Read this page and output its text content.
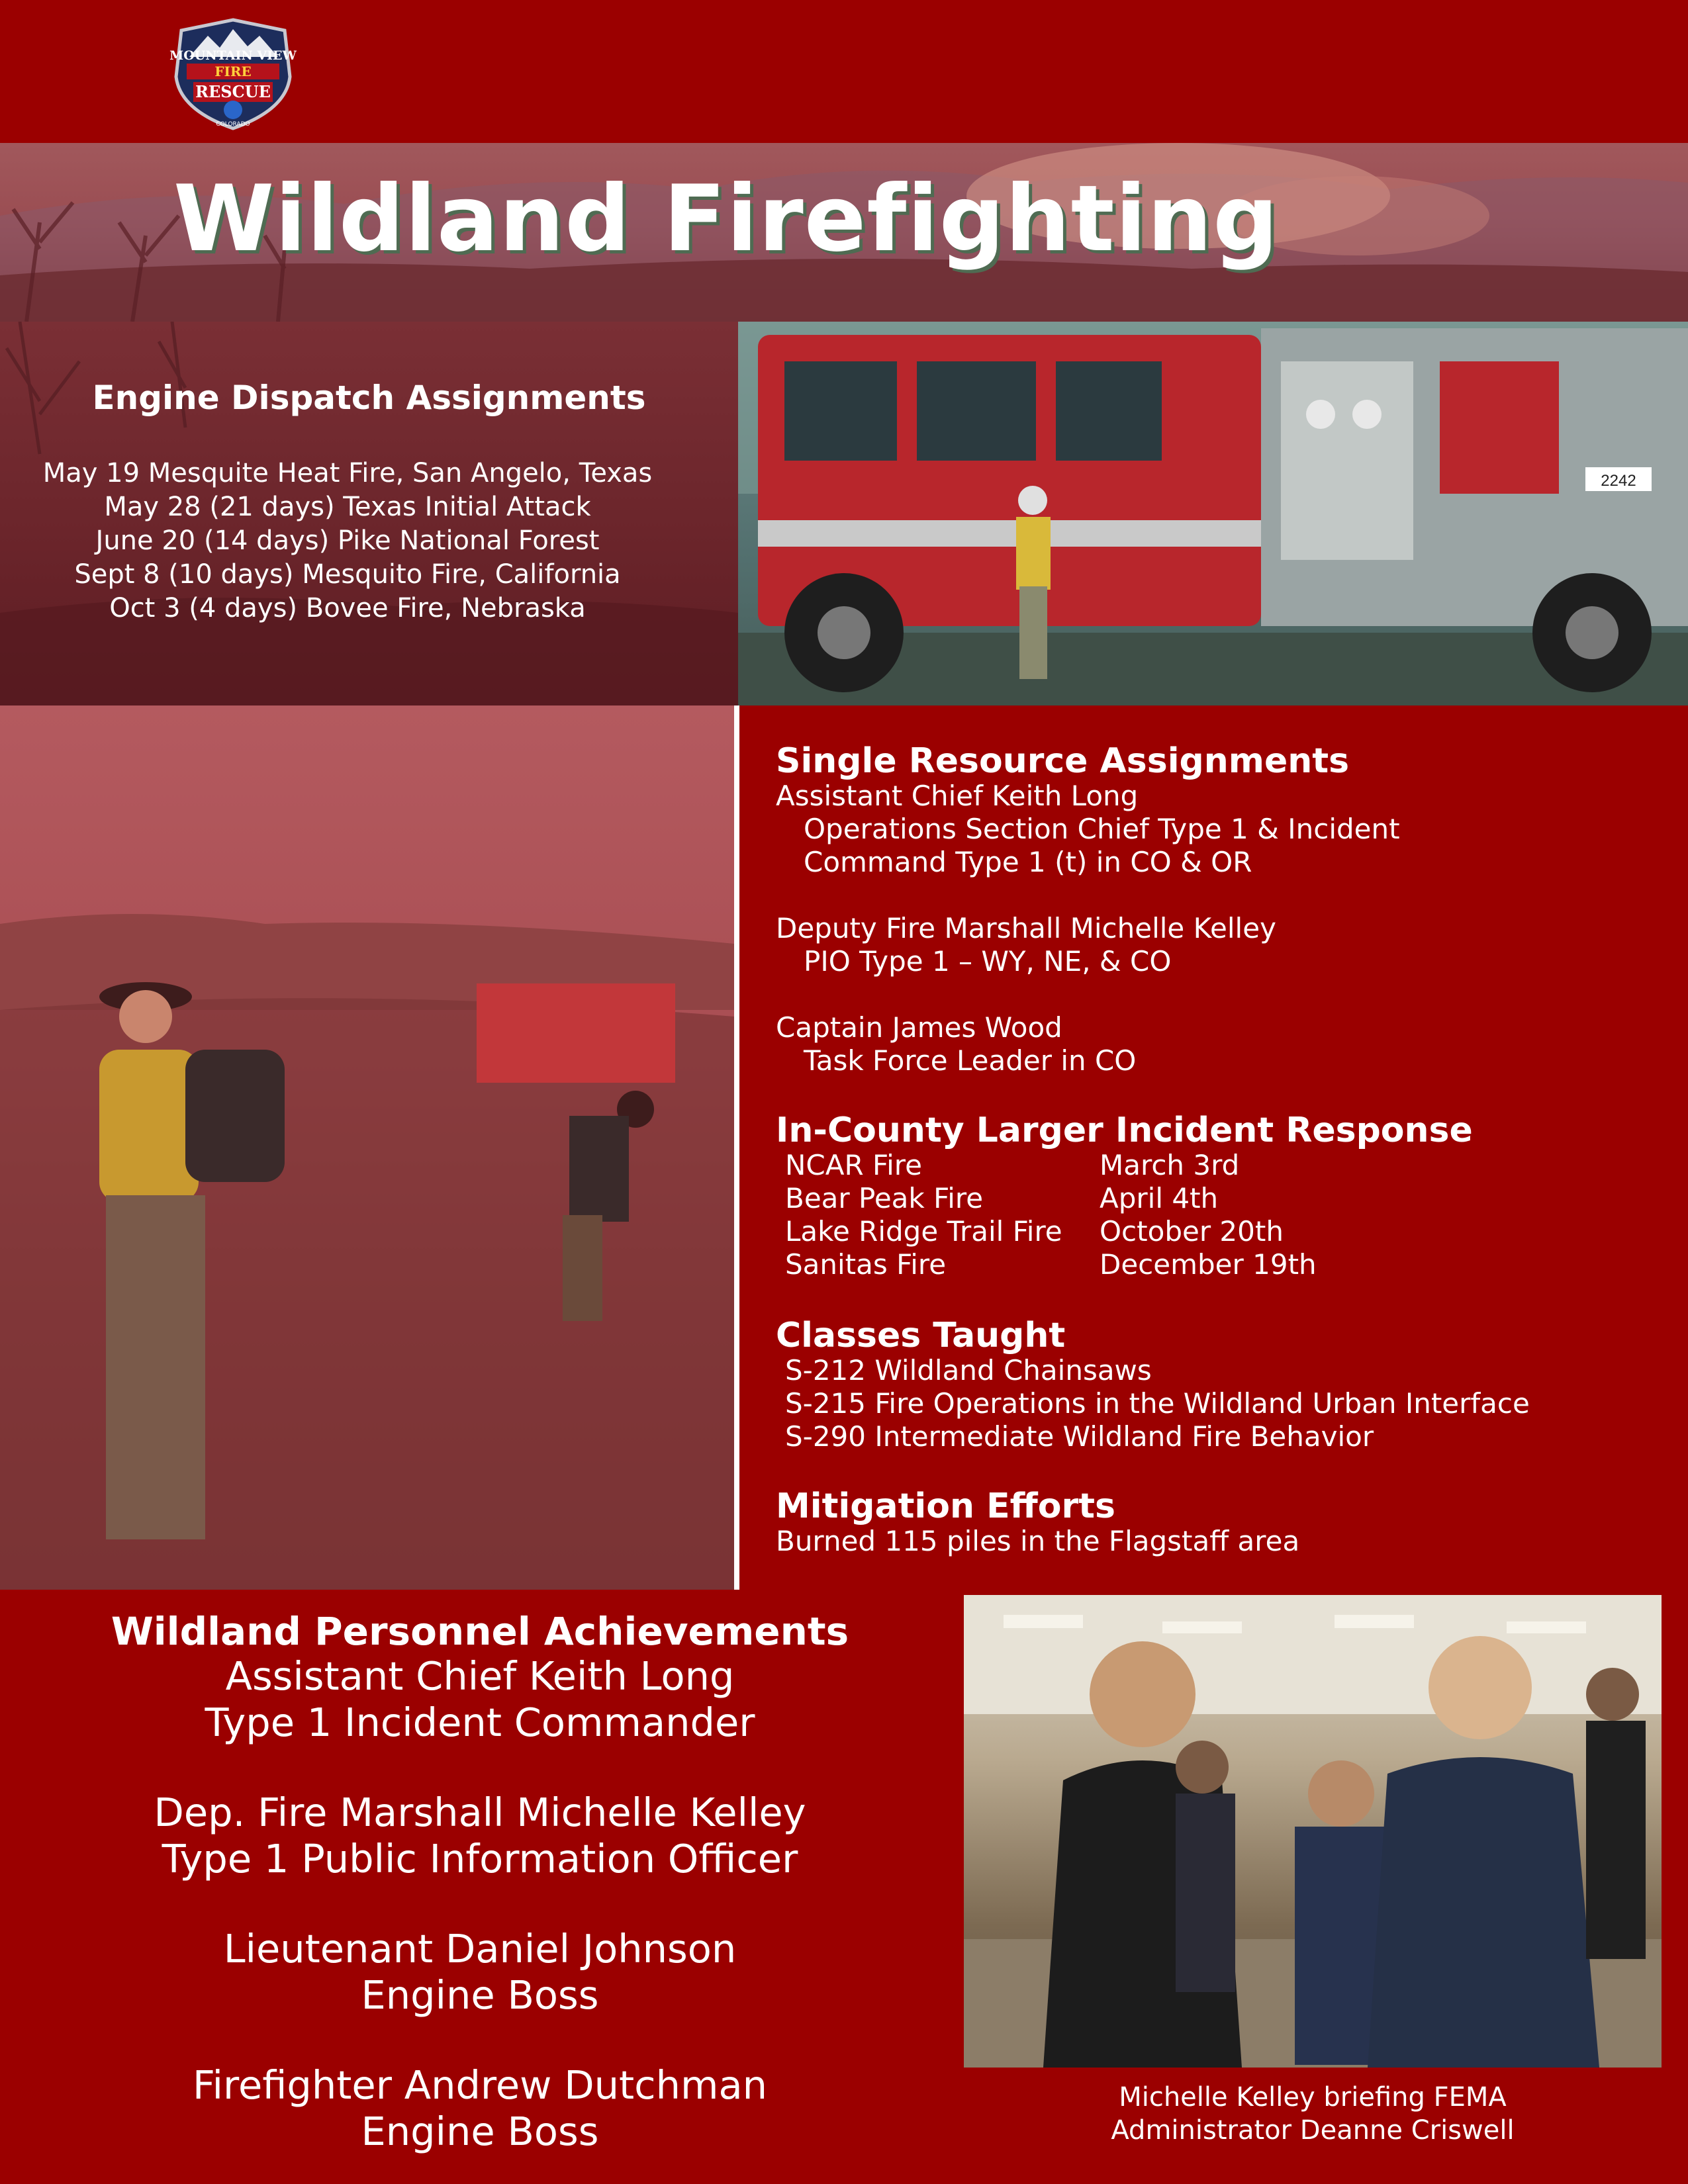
MOUNTAIN VIEW
FIRE
RESCUE
COLORADO
Wildland Firefighting
Engine Dispatch Assignments
May 19 Mesquite Heat Fire, San Angelo, Texas
May 28 (21 days) Texas Initial Attack
June 20 (14 days) Pike National Forest
Sept 8 (10 days) Mesquito Fire, California
Oct 3 (4 days) Bovee Fire, Nebraska
2242
Single Resource Assignments
Assistant Chief Keith Long
Operations Section Chief Type 1 & Incident
Command Type 1 (t) in CO & OR
Deputy Fire Marshall Michelle Kelley
PIO Type 1 – WY, NE, & CO
Captain James Wood
Task Force Leader in CO
In-County Larger Incident Response
NCAR Fire	March 3rd
Bear Peak Fire	April 4th
Lake Ridge Trail Fire	October 20th
Sanitas Fire	December 19th
Classes Taught
S-212 Wildland Chainsaws
S-215 Fire Operations in the Wildland Urban Interface
S-290 Intermediate Wildland Fire Behavior
Mitigation Efforts
Burned 115 piles in the Flagstaff area
Wildland Personnel Achievements
Assistant Chief Keith Long
Type 1 Incident Commander
Dep. Fire Marshall Michelle Kelley
Type 1 Public Information Officer
Lieutenant Daniel Johnson
Engine Boss
Firefighter Andrew Dutchman
Engine Boss
Michelle Kelley briefing FEMA
Administrator Deanne Criswell
